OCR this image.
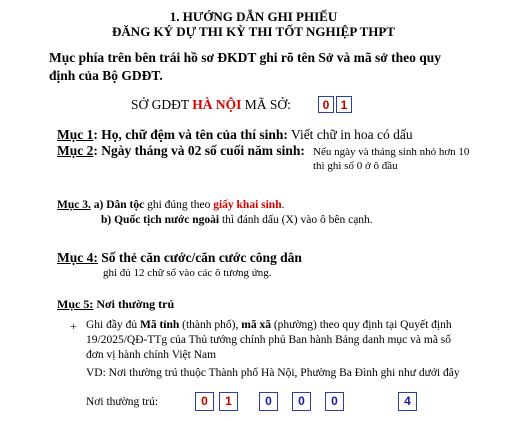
1. HƯỚNG DẪN GHI PHIẾU
ĐĂNG KÝ DỰ THI KỲ THI TỐT NGHIỆP THPT
Mục phía trên bên trái hồ sơ ĐKDT ghi rõ tên Sở và mã sở theo quy
định của Bộ GDĐT.
SỞ GDĐT HÀ NỘI MÃ SỞ:	0 1
Mục 1: Họ, chữ đệm và tên của thí sinh: Viết chữ in hoa có dấu
Mục 2: Ngày tháng và 02 số cuối năm sinh: Nếu ngày và tháng sinh nhỏ hơn 10
thì ghi số 0 ở ô đầu
Mục 3. a) Dân tộc ghi đúng theo giấy khai sinh.
b) Quốc tịch nước ngoài thì đánh dấu (X) vào ô bên cạnh.
Mục 4: Số thẻ căn cước/căn cước công dân
ghi đủ 12 chữ số vào các ô tương ứng.
Mục 5: Nơi thường trú
+ Ghi đầy đủ Mã tỉnh (thành phố), mã xã (phường) theo quy định tại Quyết định
19/2025/QĐ-TTg của Thủ tướng chính phủ Ban hành Bảng danh mục và mã số
đơn vị hành chính Việt Nam
VD: Nơi thường trú thuộc Thành phố Hà Nội, Phường Ba Đình ghi như dưới đây
Nơi thường trú:	0	1	0	0	0	4
